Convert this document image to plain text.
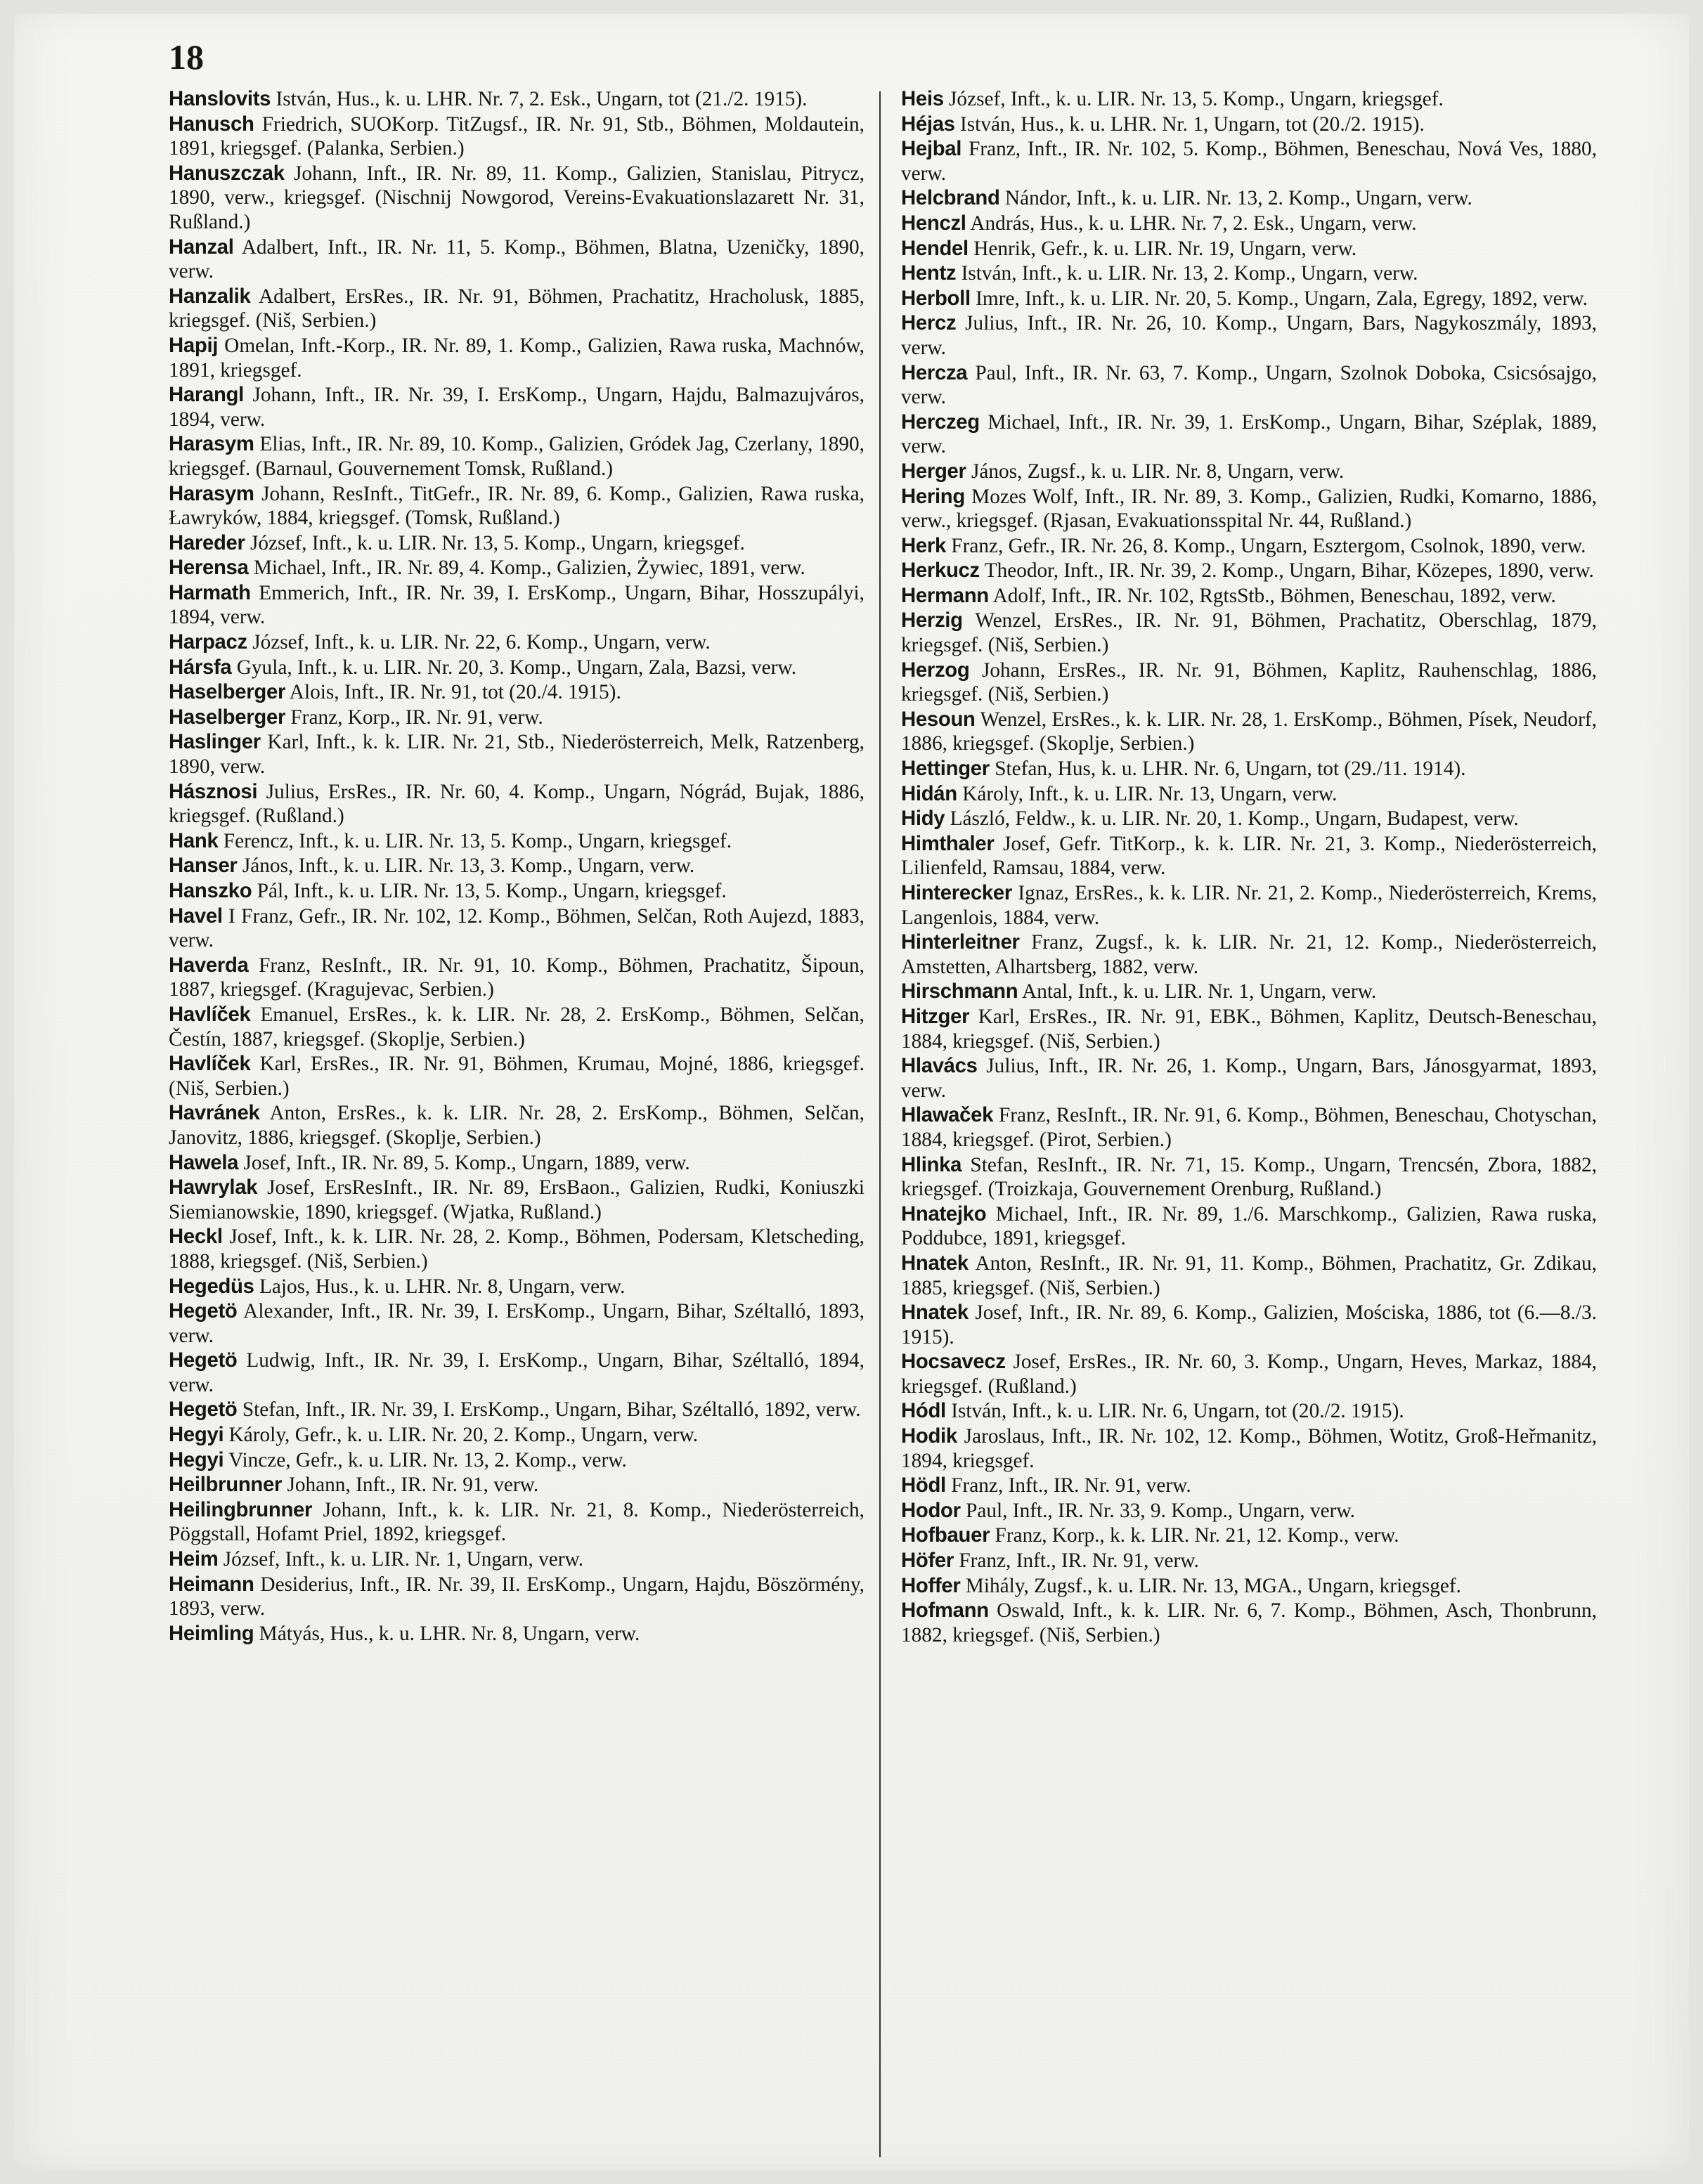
18
Hanslovits István, Hus., k. u. LHR. Nr. 7, 2. Esk., Ungarn, tot (21./2. 1915).
Hanusch Friedrich, SUOKorp. TitZugsf., IR. Nr. 91, Stb., Böhmen, Moldautein, 1891, kriegsgef. (Palanka, Serbien.)
Hanuszczak Johann, Inft., IR. Nr. 89, 11. Komp., Galizien, Stanislau, Pitrycz, 1890, verw., kriegsgef. (Nischnij Nowgorod, Vereins-Evakuationslazarett Nr. 31, Rußland.)
Hanzal Adalbert, Inft., IR. Nr. 11, 5. Komp., Böhmen, Blatna, Uzeničky, 1890, verw.
Hanzalik Adalbert, ErsRes., IR. Nr. 91, Böhmen, Prachatitz, Hracholusk, 1885, kriegsgef. (Niš, Serbien.)
Hapij Omelan, Inft.-Korp., IR. Nr. 89, 1. Komp., Galizien, Rawa ruska, Machnów, 1891, kriegsgef.
Harangl Johann, Inft., IR. Nr. 39, I. ErsKomp., Ungarn, Hajdu, Balmazujváros, 1894, verw.
Harasym Elias, Inft., IR. Nr. 89, 10. Komp., Galizien, Gródek Jag, Czerlany, 1890, kriegsgef. (Barnaul, Gouvernement Tomsk, Rußland.)
Harasym Johann, ResInft., TitGefr., IR. Nr. 89, 6. Komp., Galizien, Rawa ruska, Ławryków, 1884, kriegsgef. (Tomsk, Rußland.)
Hareder József, Inft., k. u. LIR. Nr. 13, 5. Komp., Ungarn, kriegsgef.
Herensa Michael, Inft., IR. Nr. 89, 4. Komp., Galizien, Żywiec, 1891, verw.
Harmath Emmerich, Inft., IR. Nr. 39, I. ErsKomp., Ungarn, Bihar, Hosszupályi, 1894, verw.
Harpacz József, Inft., k. u. LIR. Nr. 22, 6. Komp., Ungarn, verw.
Hársfa Gyula, Inft., k. u. LIR. Nr. 20, 3. Komp., Ungarn, Zala, Bazsi, verw.
Haselberger Alois, Inft., IR. Nr. 91, tot (20./4. 1915).
Haselberger Franz, Korp., IR. Nr. 91, verw.
Haslinger Karl, Inft., k. k. LIR. Nr. 21, Stb., Niederösterreich, Melk, Ratzenberg, 1890, verw.
Hásznosi Julius, ErsRes., IR. Nr. 60, 4. Komp., Ungarn, Nógrád, Bujak, 1886, kriegsgef. (Rußland.)
Hank Ferencz, Inft., k. u. LIR. Nr. 13, 5. Komp., Ungarn, kriegsgef.
Hanser János, Inft., k. u. LIR. Nr. 13, 3. Komp., Ungarn, verw.
Hanszko Pál, Inft., k. u. LIR. Nr. 13, 5. Komp., Ungarn, kriegsgef.
Havel I Franz, Gefr., IR. Nr. 102, 12. Komp., Böhmen, Selčan, Roth Aujezd, 1883, verw.
Haverda Franz, ResInft., IR. Nr. 91, 10. Komp., Böhmen, Prachatitz, Šipoun, 1887, kriegsgef. (Kragujevac, Serbien.)
Havlíček Emanuel, ErsRes., k. k. LIR. Nr. 28, 2. ErsKomp., Böhmen, Selčan, Čestín, 1887, kriegsgef. (Skoplje, Serbien.)
Havlíček Karl, ErsRes., IR. Nr. 91, Böhmen, Krumau, Mojné, 1886, kriegsgef. (Niš, Serbien.)
Havránek Anton, ErsRes., k. k. LIR. Nr. 28, 2. ErsKomp., Böhmen, Selčan, Janovitz, 1886, kriegsgef. (Skoplje, Serbien.)
Hawela Josef, Inft., IR. Nr. 89, 5. Komp., Ungarn, 1889, verw.
Hawrylak Josef, ErsResInft., IR. Nr. 89, ErsBaon., Galizien, Rudki, Koniuszki Siemianowskie, 1890, kriegsgef. (Wjatka, Rußland.)
Heckl Josef, Inft., k. k. LIR. Nr. 28, 2. Komp., Böhmen, Podersam, Kletscheding, 1888, kriegsgef. (Niš, Serbien.)
Hegedüs Lajos, Hus., k. u. LHR. Nr. 8, Ungarn, verw.
Hegetö Alexander, Inft., IR. Nr. 39, I. ErsKomp., Ungarn, Bihar, Széltalló, 1893, verw.
Hegetö Ludwig, Inft., IR. Nr. 39, I. ErsKomp., Ungarn, Bihar, Széltalló, 1894, verw.
Hegetö Stefan, Inft., IR. Nr. 39, I. ErsKomp., Ungarn, Bihar, Széltalló, 1892, verw.
Hegyi Károly, Gefr., k. u. LIR. Nr. 20, 2. Komp., Ungarn, verw.
Hegyi Vincze, Gefr., k. u. LIR. Nr. 13, 2. Komp., verw.
Heilbrunner Johann, Inft., IR. Nr. 91, verw.
Heilingbrunner Johann, Inft., k. k. LIR. Nr. 21, 8. Komp., Niederösterreich, Pöggstall, Hofamt Priel, 1892, kriegsgef.
Heim József, Inft., k. u. LIR. Nr. 1, Ungarn, verw.
Heimann Desiderius, Inft., IR. Nr. 39, II. ErsKomp., Ungarn, Hajdu, Böszörmény, 1893, verw.
Heimling Mátyás, Hus., k. u. LHR. Nr. 8, Ungarn, verw.
Heis József, Inft., k. u. LIR. Nr. 13, 5. Komp., Ungarn, kriegsgef.
Héjas István, Hus., k. u. LHR. Nr. 1, Ungarn, tot (20./2. 1915).
Hejbal Franz, Inft., IR. Nr. 102, 5. Komp., Böhmen, Beneschau, Nová Ves, 1880, verw.
Helcbrand Nándor, Inft., k. u. LIR. Nr. 13, 2. Komp., Ungarn, verw.
Henczl András, Hus., k. u. LHR. Nr. 7, 2. Esk., Ungarn, verw.
Hendel Henrik, Gefr., k. u. LIR. Nr. 19, Ungarn, verw.
Hentz István, Inft., k. u. LIR. Nr. 13, 2. Komp., Ungarn, verw.
Herboll Imre, Inft., k. u. LIR. Nr. 20, 5. Komp., Ungarn, Zala, Egregy, 1892, verw.
Hercz Julius, Inft., IR. Nr. 26, 10. Komp., Ungarn, Bars, Nagykoszmály, 1893, verw.
Hercza Paul, Inft., IR. Nr. 63, 7. Komp., Ungarn, Szolnok Doboka, Csicsósajgo, verw.
Herczeg Michael, Inft., IR. Nr. 39, 1. ErsKomp., Ungarn, Bihar, Széplak, 1889, verw.
Herger János, Zugsf., k. u. LIR. Nr. 8, Ungarn, verw.
Hering Mozes Wolf, Inft., IR. Nr. 89, 3. Komp., Galizien, Rudki, Komarno, 1886, verw., kriegsgef. (Rjasan, Evakuationsspital Nr. 44, Rußland.)
Herk Franz, Gefr., IR. Nr. 26, 8. Komp., Ungarn, Esztergom, Csolnok, 1890, verw.
Herkucz Theodor, Inft., IR. Nr. 39, 2. Komp., Ungarn, Bihar, Közepes, 1890, verw.
Hermann Adolf, Inft., IR. Nr. 102, RgtsStb., Böhmen, Beneschau, 1892, verw.
Herzig Wenzel, ErsRes., IR. Nr. 91, Böhmen, Prachatitz, Oberschlag, 1879, kriegsgef. (Niš, Serbien.)
Herzog Johann, ErsRes., IR. Nr. 91, Böhmen, Kaplitz, Rauhenschlag, 1886, kriegsgef. (Niš, Serbien.)
Hesoun Wenzel, ErsRes., k. k. LIR. Nr. 28, 1. ErsKomp., Böhmen, Písek, Neudorf, 1886, kriegsgef. (Skoplje, Serbien.)
Hettinger Stefan, Hus, k. u. LHR. Nr. 6, Ungarn, tot (29./11. 1914).
Hidán Károly, Inft., k. u. LIR. Nr. 13, Ungarn, verw.
Hidy László, Feldw., k. u. LIR. Nr. 20, 1. Komp., Ungarn, Budapest, verw.
Himthaler Josef, Gefr. TitKorp., k. k. LIR. Nr. 21, 3. Komp., Niederösterreich, Lilienfeld, Ramsau, 1884, verw.
Hinterecker Ignaz, ErsRes., k. k. LIR. Nr. 21, 2. Komp., Niederösterreich, Krems, Langenlois, 1884, verw.
Hinterleitner Franz, Zugsf., k. k. LIR. Nr. 21, 12. Komp., Niederösterreich, Amstetten, Alhartsberg, 1882, verw.
Hirschmann Antal, Inft., k. u. LIR. Nr. 1, Ungarn, verw.
Hitzger Karl, ErsRes., IR. Nr. 91, EBK., Böhmen, Kaplitz, Deutsch-Beneschau, 1884, kriegsgef. (Niš, Serbien.)
Hlavács Julius, Inft., IR. Nr. 26, 1. Komp., Ungarn, Bars, Jánosgyarmat, 1893, verw.
Hlawaček Franz, ResInft., IR. Nr. 91, 6. Komp., Böhmen, Beneschau, Chotyschan, 1884, kriegsgef. (Pirot, Serbien.)
Hlinka Stefan, ResInft., IR. Nr. 71, 15. Komp., Ungarn, Trencsén, Zbora, 1882, kriegsgef. (Troizkaja, Gouvernement Orenburg, Rußland.)
Hnatejko Michael, Inft., IR. Nr. 89, 1./6. Marschkomp., Galizien, Rawa ruska, Poddubce, 1891, kriegsgef.
Hnatek Anton, ResInft., IR. Nr. 91, 11. Komp., Böhmen, Prachatitz, Gr. Zdikau, 1885, kriegsgef. (Niš, Serbien.)
Hnatek Josef, Inft., IR. Nr. 89, 6. Komp., Galizien, Mościska, 1886, tot (6.—8./3. 1915).
Hocsavecz Josef, ErsRes., IR. Nr. 60, 3. Komp., Ungarn, Heves, Markaz, 1884, kriegsgef. (Rußland.)
Hódl István, Inft., k. u. LIR. Nr. 6, Ungarn, tot (20./2. 1915).
Hodik Jaroslaus, Inft., IR. Nr. 102, 12. Komp., Böhmen, Wotitz, Groß-Heřmanitz, 1894, kriegsgef.
Hödl Franz, Inft., IR. Nr. 91, verw.
Hodor Paul, Inft., IR. Nr. 33, 9. Komp., Ungarn, verw.
Hofbauer Franz, Korp., k. k. LIR. Nr. 21, 12. Komp., verw.
Höfer Franz, Inft., IR. Nr. 91, verw.
Hoffer Mihály, Zugsf., k. u. LIR. Nr. 13, MGA., Ungarn, kriegsgef.
Hofmann Oswald, Inft., k. k. LIR. Nr. 6, 7. Komp., Böhmen, Asch, Thonbrunn, 1882, kriegsgef. (Niš, Serbien.)
